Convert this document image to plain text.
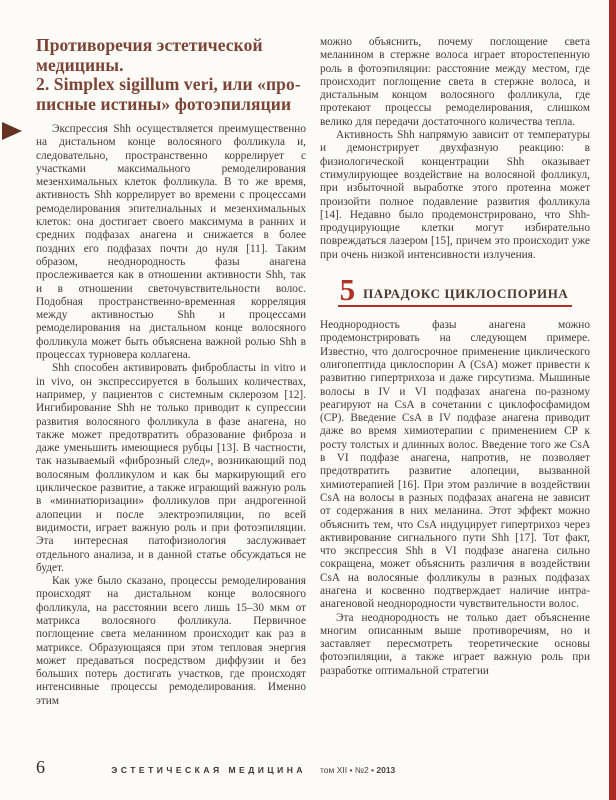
Противоречия эстетической
медицины.
2. Simplex sigillum veri, или «про-
писные истины» фотоэпиляции

Экспрессия Shh осуществляется преимущественно на дистальном конце волосяного фолликула и, следовательно, пространственно коррелирует с участками максимального ремоделирования мезенхимальных клеток фолликула. В то же время, активность Shh коррелирует во времени с процессами ремоделирования эпителиальных и мезенхимальных клеток: она достигает своего максимума в ранних и средних подфазах анагена и снижается в более поздних его подфазах почти до нуля [11]. Таким образом, неоднородность фазы анагена прослеживается как в отношении активности Shh, так и в отношении светочувствительности волос. Подобная пространственно-временная корреляция между активностью Shh и процессами ремоделирования на дистальном конце волосяного фолликула может быть объяснена важной ролью Shh в процессах турновера коллагена.

Shh способен активировать фибробласты in vitro и in vivo, он экспрессируется в больших количествах, например, у пациентов с системным склерозом [12]. Ингибирование Shh не только приводит к супрессии развития волосяного фолликула в фазе анагена, но также может предотвратить образование фиброза и даже уменьшить имеющиеся рубцы [13]. В частности, так называемый «фиброзный след», возникающий под волосяным фолликулом и как бы маркирующий его циклическое развитие, а также играющий важную роль в «миниатюризации» фолликулов при андрогенной алопеции и после электроэпиляции, по всей видимости, играет важную роль и при фотоэпиляции. Эта интересная патофизиология заслуживает отдельного анализа, и в данной статье обсуждаться не будет.

Как уже было сказано, процессы ремоделирования происходят на дистальном конце волосяного фолликула, на расстоянии всего лишь 15–30 мкм от матрикса волосяного фолликула. Первичное поглощение света меланином происходит как раз в матриксе. Образующаяся при этом тепловая энергия может предаваться посредством диффузии и без больших потерь достигать участков, где происходят интенсивные процессы ремоделирования. Именно этим

можно объяснить, почему поглощение света меланином в стержне волоса играет второстепенную роль в фотоэпиляции: расстояние между местом, где происходит поглощение света в стержне волоса, и дистальным концом волосяного фолликула, где протекают процессы ремоделирования, слишком велико для передачи достаточного количества тепла.

Активность Shh напрямую зависит от температуры и демонстрирует двухфазную реакцию: в физиологической концентрации Shh оказывает стимулирующее воздействие на волосяной фолликул, при избыточной выработке этого протеина может произойти полное подавление развития фолликула [14]. Недавно было продемонстрировано, что Shh-продуцирующие клетки могут избирательно повреждаться лазером [15], причем это происходит уже при очень низкой интенсивности излучения.

5 ПАРАДОКС ЦИКЛОСПОРИНА

Неоднородность фазы анагена можно продемонстрировать на следующем примере. Известно, что долгосрочное применение циклического олигопептида циклоспорин А (CsA) может привести к развитию гипертрихоза и даже гирсутизма. Мышиные волосы в IV и VI подфазах анагена по-разному реагируют на CsA в сочетании с циклофосфамидом (CP). Введение CsA в IV подфазе анагена приводит даже во время химиотерапии с применением CP к росту толстых и длинных волос. Введение того же CsA в VI подфазе анагена, напротив, не позволяет предотвратить развитие алопеции, вызванной химиотерапией [16]. При этом различие в воздействии CsA на волосы в разных подфазах анагена не зависит от содержания в них меланина. Этот эффект можно объяснить тем, что CsA индуцирует гипертрихоз через активирование сигнального пути Shh [17]. Тот факт, что экспрессия Shh в VI подфазе анагена сильно сокращена, может объяснить различия в воздействии CsA на волосяные фолликулы в разных подфазах анагена и косвенно подтверждает наличие интра-анагеновой неоднородности чувствительности волос.

Эта неоднородность не только дает объяснение многим описанным выше противоречиям, но и заставляет пересмотреть теоретические основы фотоэпиляции, а также играет важную роль при разработке оптимальной стратегии

6	ЭСТЕТИЧЕСКАЯ МЕДИЦИНА	том XII • №2 • 2013
